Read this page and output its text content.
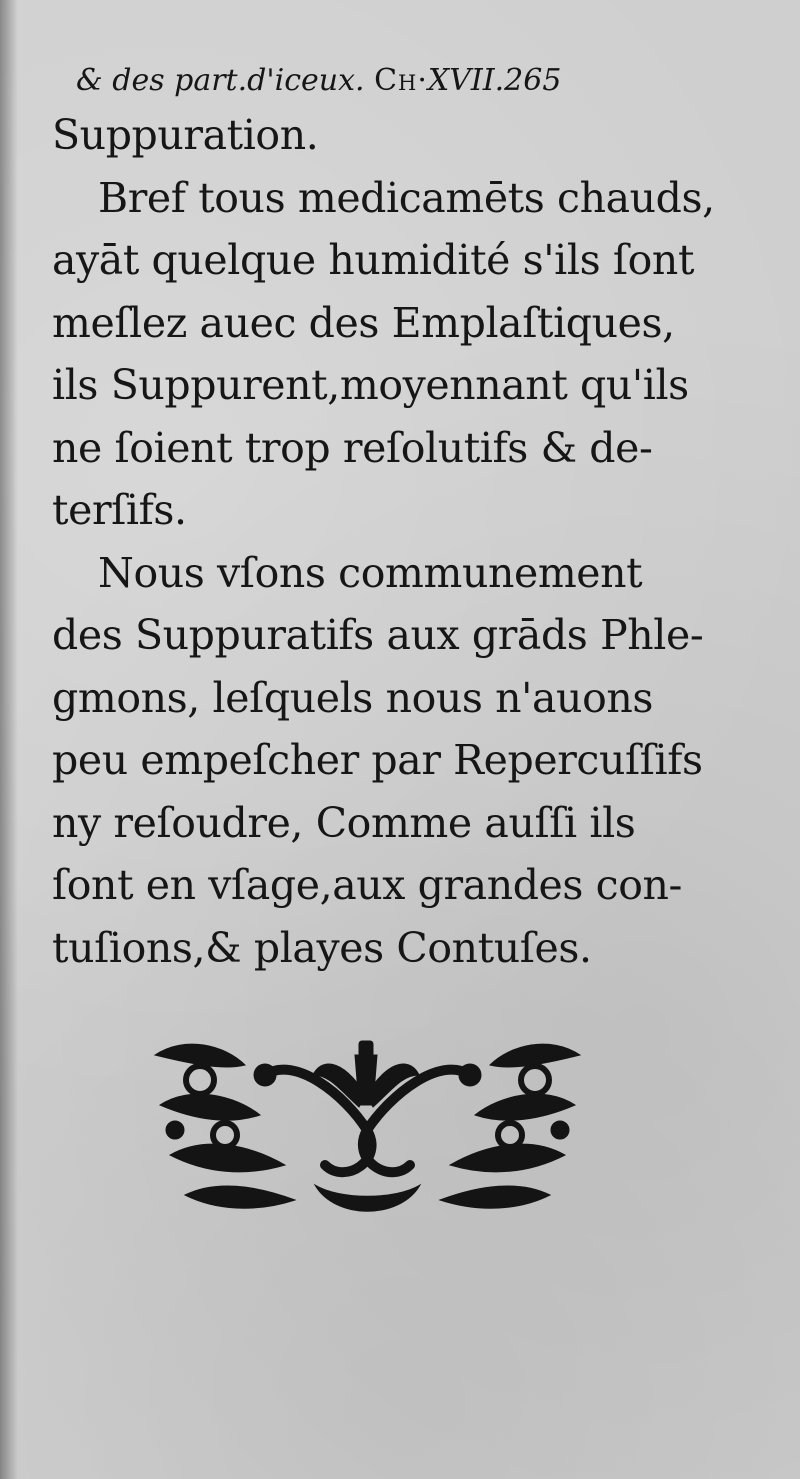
& des part.d'iceux. Ch·XVII.265
Suppuration.
Bref tous medicamēts chauds,
ayāt quelque humidité s'ils ſont
meſlez auec des Emplaſtiques,
ils Suppurent,moyennant qu'ils
ne ſoient trop reſolutifs & de-
terſifs.
Nous vſons communement
des Suppuratifs aux grāds Phle-
gmons, leſquels nous n'auons
peu empeſcher par Repercuſſifs
ny reſoudre, Comme auſſi ils
ſont en vſage,aux grandes con-
tuſions,& playes Contuſes.
